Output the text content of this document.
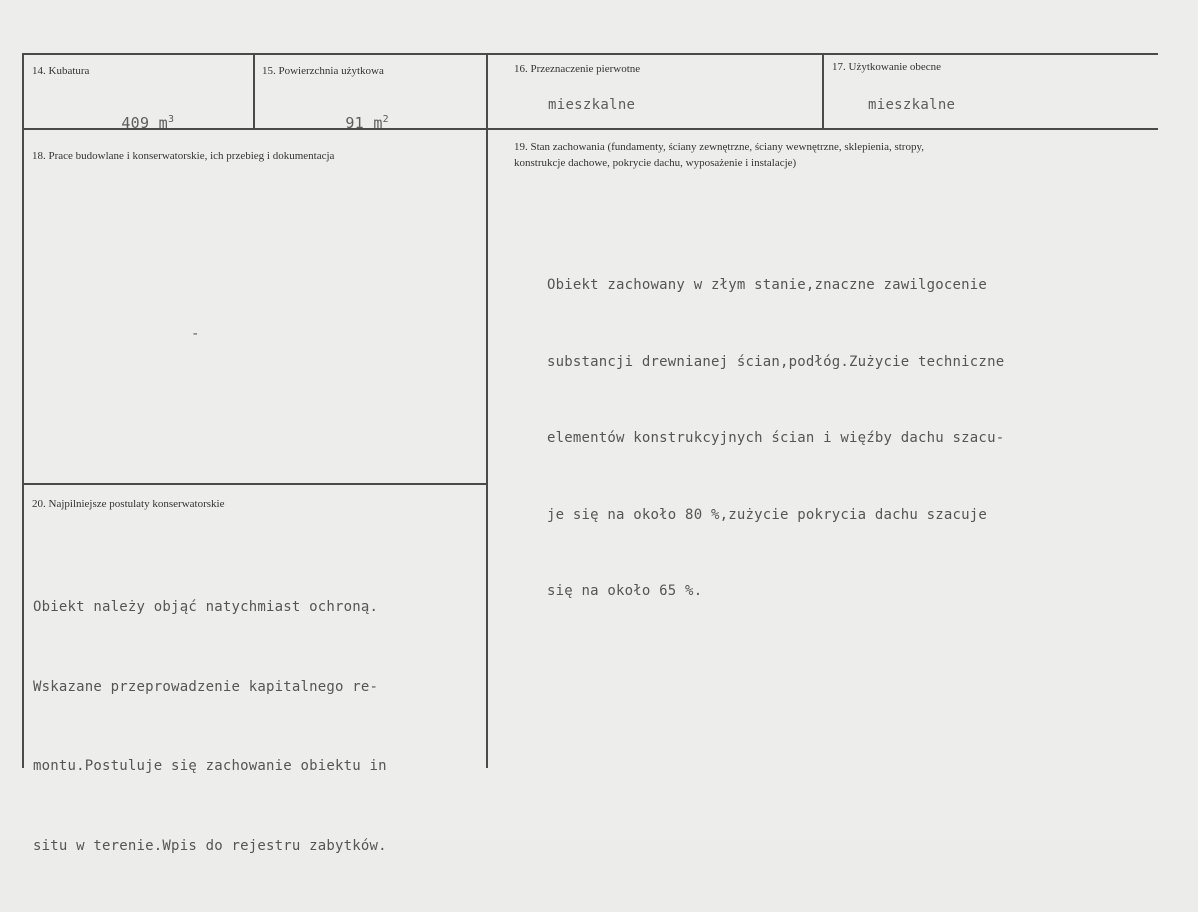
14. Kubatura

409 $m^3$

15. Powierzchnia użytkowa

91 $m^2$

16. Przeznaczenie pierwotne
mieszkalne
17. Użytkowanie obecne
mieszkalne
18. Prace budowlane i konserwatorskie, ich przebieg i dokumentacja
-
19. Stan zachowania (fundamenty, ściany zewnętrzne, ściany wewnętrzne, sklepienia, stropy,
konstrukcje dachowe, pokrycie dachu, wyposażenie i instalacje)

Obiekt zachowany w złym stanie,znaczne zawilgocenie

substancji drewnianej ścian,podłóg.Zużycie techniczne

elementów konstrukcyjnych ścian i więźby dachu szacu-

je się na około 80 %,zużycie pokrycia dachu szacuje

się na około 65 %.

20. Najpilniejsze postulaty konserwatorskie

Obiekt należy objąć natychmiast ochroną.

Wskazane przeprowadzenie kapitalnego re-

montu.Postuluje się zachowanie obiektu in

situ w terenie.Wpis do rejestru zabytków.
